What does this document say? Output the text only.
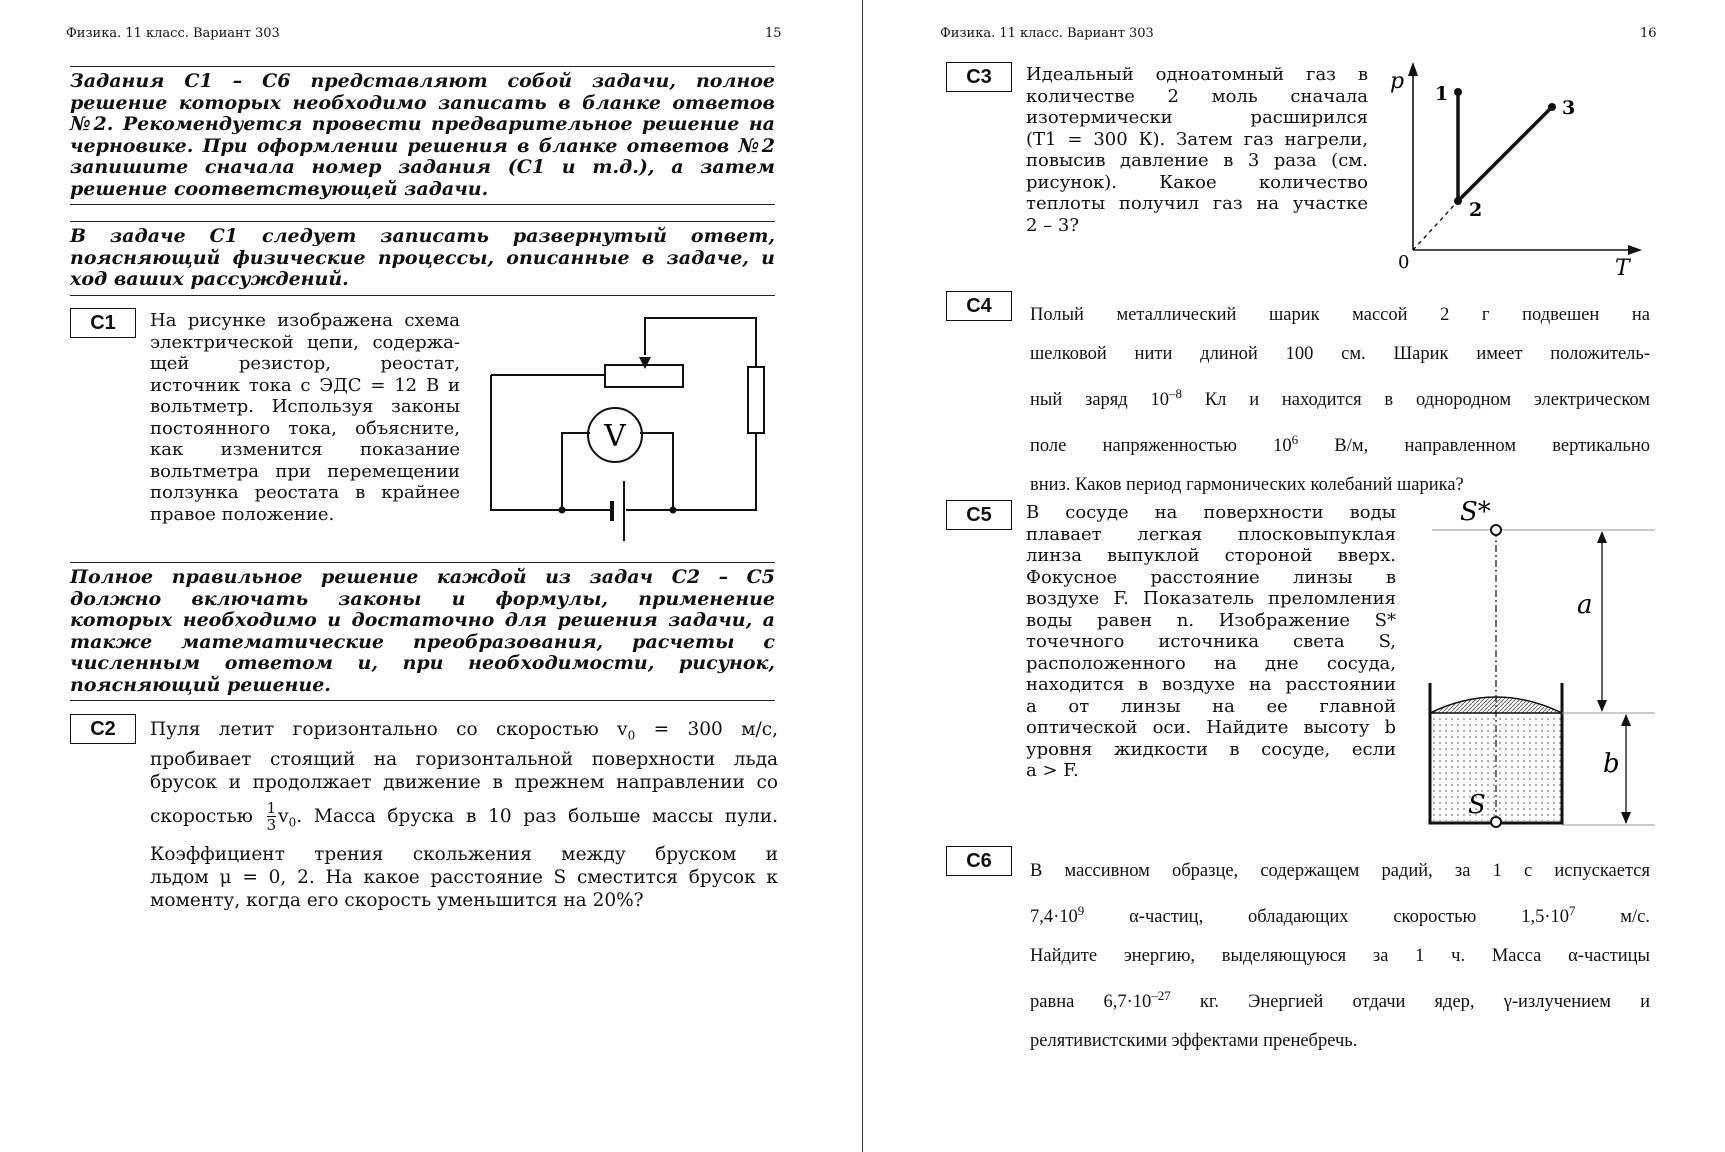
Физика. 11 класс. Вариант 303	15
Задания С1 – С6 представляют собой задачи, полное
решение которых необходимо записать в бланке ответов
№2. Рекомендуется провести предварительное решение на
черновике. При оформлении решения в бланке ответов №2
запишите сначала номер задания (С1 и т.д.), а затем
решение соответствующей задачи.
В задаче С1 следует записать развернутый ответ,
поясняющий физические процессы, описанные в задаче, и
ход ваших рассуждений.
С1	На рисунке изображена схема
электрической цепи, содержа-
щей резистор, реостат,
источник тока с ЭДС = 12 В и
вольтметр. Используя законы
постоянного тока, объясните,
как изменится показание
вольтметра при перемещении
ползунка реостата в крайнее
правое положение.
V
Полное правильное решение каждой из задач С2 – С5
должно включать законы и формулы, применение
которых необходимо и достаточно для решения задачи, а
также математические преобразования, расчеты с
численным ответом и, при необходимости, рисунок,
поясняющий решение.
С2	Пуля летит горизонтально со скоростью $v_0 = 300$ м/с,
пробивает стоящий на горизонтальной поверхности льда
брусок и продолжает движение в прежнем направлении со
скоростью $\frac{1}{3} v_0$. Масса бруска в 10 раз больше массы пули.
Коэффициент трения скольжения между бруском и
льдом μ = 0, 2. На какое расстояние S сместится брусок к
моменту, когда его скорость уменьшится на 20%?
Физика. 11 класс. Вариант 303	16
С3	Идеальный одноатомный газ в
количестве 2 моль сначала
изотермически расширился
(T1 = 300 К). Затем газ нагрели,
повысив давление в 3 раза (см.
рисунок). Какое количество
теплоты получил газ на участке
2 – 3?
p
T
0
1
2
3
С4	Полый металлический шарик массой 2 г подвешен на
шелковой нити длиной 100 см. Шарик имеет положитель-
ный заряд $10^{-8}$ Кл и находится в однородном электрическом
поле напряженностью $10^6$ В/м, направленном вертикально
вниз. Каков период гармонических колебаний шарика?
С5	В сосуде на поверхности воды
плавает легкая плосковыпуклая
линза выпуклой стороной вверх.
Фокусное расстояние линзы в
воздухе F. Показатель преломления
воды равен n. Изображение S*
точечного источника света S,
расположенного на дне сосуда,
находится в воздухе на расстоянии
a от линзы на ее главной
оптической оси. Найдите высоту b
уровня жидкости в сосуде, если
a > F.
S*
S
a
b
С6	В массивном образце, содержащем радий, за 1 с испускается
$7,4\cdot 10^9$ α-частиц, обладающих скоростью $1,5\cdot 10^7$ м/с.
Найдите энергию, выделяющуюся за 1 ч. Масса α-частицы
равна $6,7\cdot 10^{-27}$ кг. Энергией отдачи ядер, γ-излучением и
релятивистскими эффектами пренебречь.
